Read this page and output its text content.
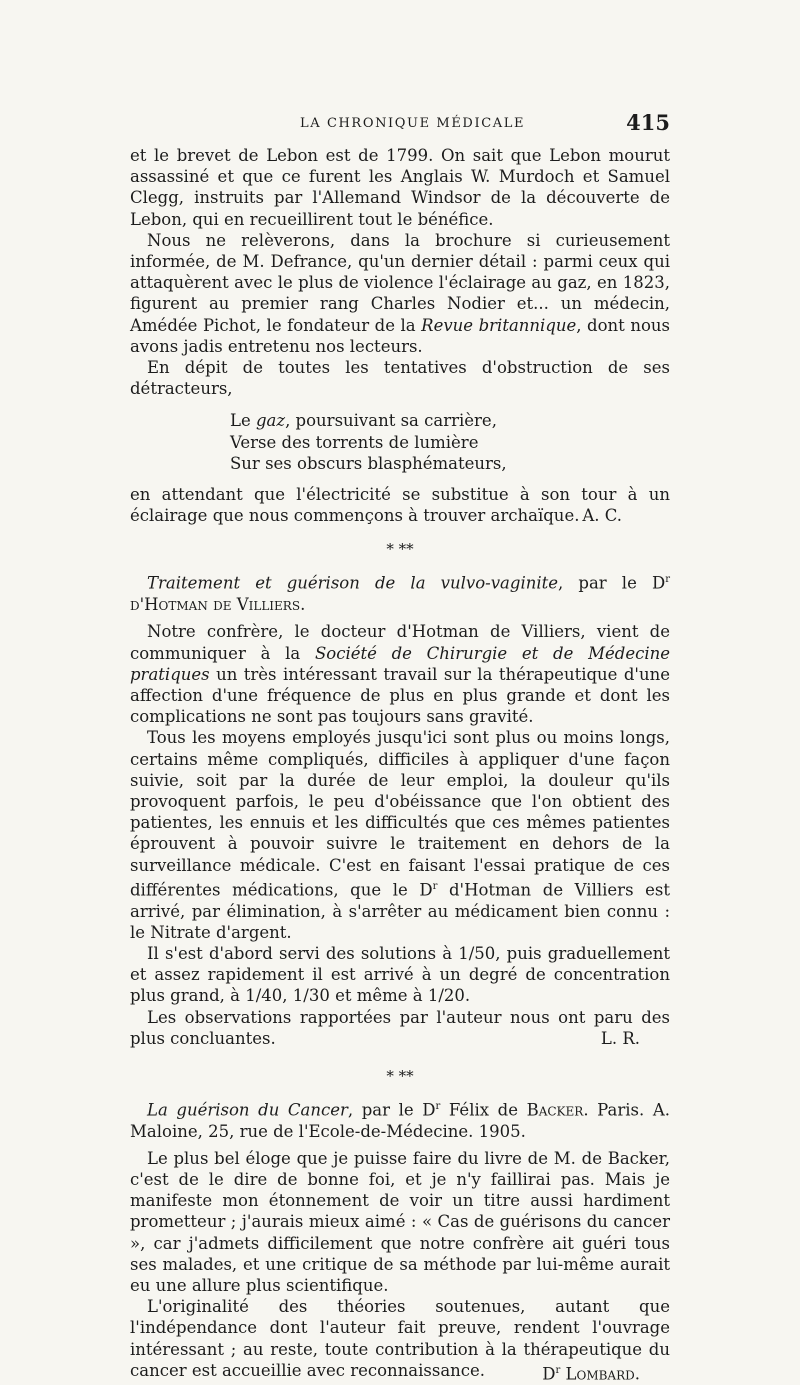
LA CHRONIQUE MÉDICALE	415

et le brevet de Lebon est de 1799. On sait que Lebon mourut assassiné et que ce furent les Anglais W. Murdoch et Samuel Clegg, instruits par l'Allemand Windsor de la découverte de Lebon, qui en recueillirent tout le bénéfice.

Nous ne relèverons, dans la brochure si curieusement informée, de M. Defrance, qu'un dernier détail : parmi ceux qui attaquèrent avec le plus de violence l'éclairage au gaz, en 1823, figurent au premier rang Charles Nodier et... un médecin, Amédée Pichot, le fondateur de la Revue britannique, dont nous avons jadis entretenu nos lecteurs.

En dépit de toutes les tentatives d'obstruction de ses détracteurs,

Le gaz, poursuivant sa carrière,
Verse des torrents de lumière
Sur ses obscurs blasphémateurs,

en attendant que l'électricité se substitue à son tour à un éclairage que nous commençons à trouver archaïque. A. C.

* **

Traitement et guérison de la vulvo-vaginite, par le $D^r$ d'Hotman de Villiers.

Notre confrère, le docteur d'Hotman de Villiers, vient de communiquer à la Société de Chirurgie et de Médecine pratiques un très intéressant travail sur la thérapeutique d'une affection d'une fréquence de plus en plus grande et dont les complications ne sont pas toujours sans gravité.

Tous les moyens employés jusqu'ici sont plus ou moins longs, certains même compliqués, difficiles à appliquer d'une façon suivie, soit par la durée de leur emploi, la douleur qu'ils provoquent parfois, le peu d'obéissance que l'on obtient des patientes, les ennuis et les difficultés que ces mêmes patientes éprouvent à pouvoir suivre le traitement en dehors de la surveillance médicale. C'est en faisant l'essai pratique de ces différentes médications, que le $D^r$ d'Hotman de Villiers est arrivé, par élimination, à s'arrêter au médicament bien connu : le Nitrate d'argent.

Il s'est d'abord servi des solutions à 1/50, puis graduellement et assez rapidement il est arrivé à un degré de concentration plus grand, à 1/40, 1/30 et même à 1/20.

Les observations rapportées par l'auteur nous ont paru des plus concluantes.	L. R.

* **

La guérison du Cancer, par le $D^r$ Félix de Backer. Paris. A. Maloine, 25, rue de l'Ecole-de-Médecine. 1905.

Le plus bel éloge que je puisse faire du livre de M. de Backer, c'est de le dire de bonne foi, et je n'y faillirai pas. Mais je manifeste mon étonnement de voir un titre aussi hardiment prometteur ; j'aurais mieux aimé : « Cas de guérisons du cancer », car j'admets difficilement que notre confrère ait guéri tous ses malades, et une critique de sa méthode par lui-même aurait eu une allure plus scientifique.

L'originalité des théories soutenues, autant que l'indépendance dont l'auteur fait preuve, rendent l'ouvrage intéressant ; au reste, toute contribution à la thérapeutique du cancer est accueillie avec reconnaissance.	$D^r$ Lombard.
